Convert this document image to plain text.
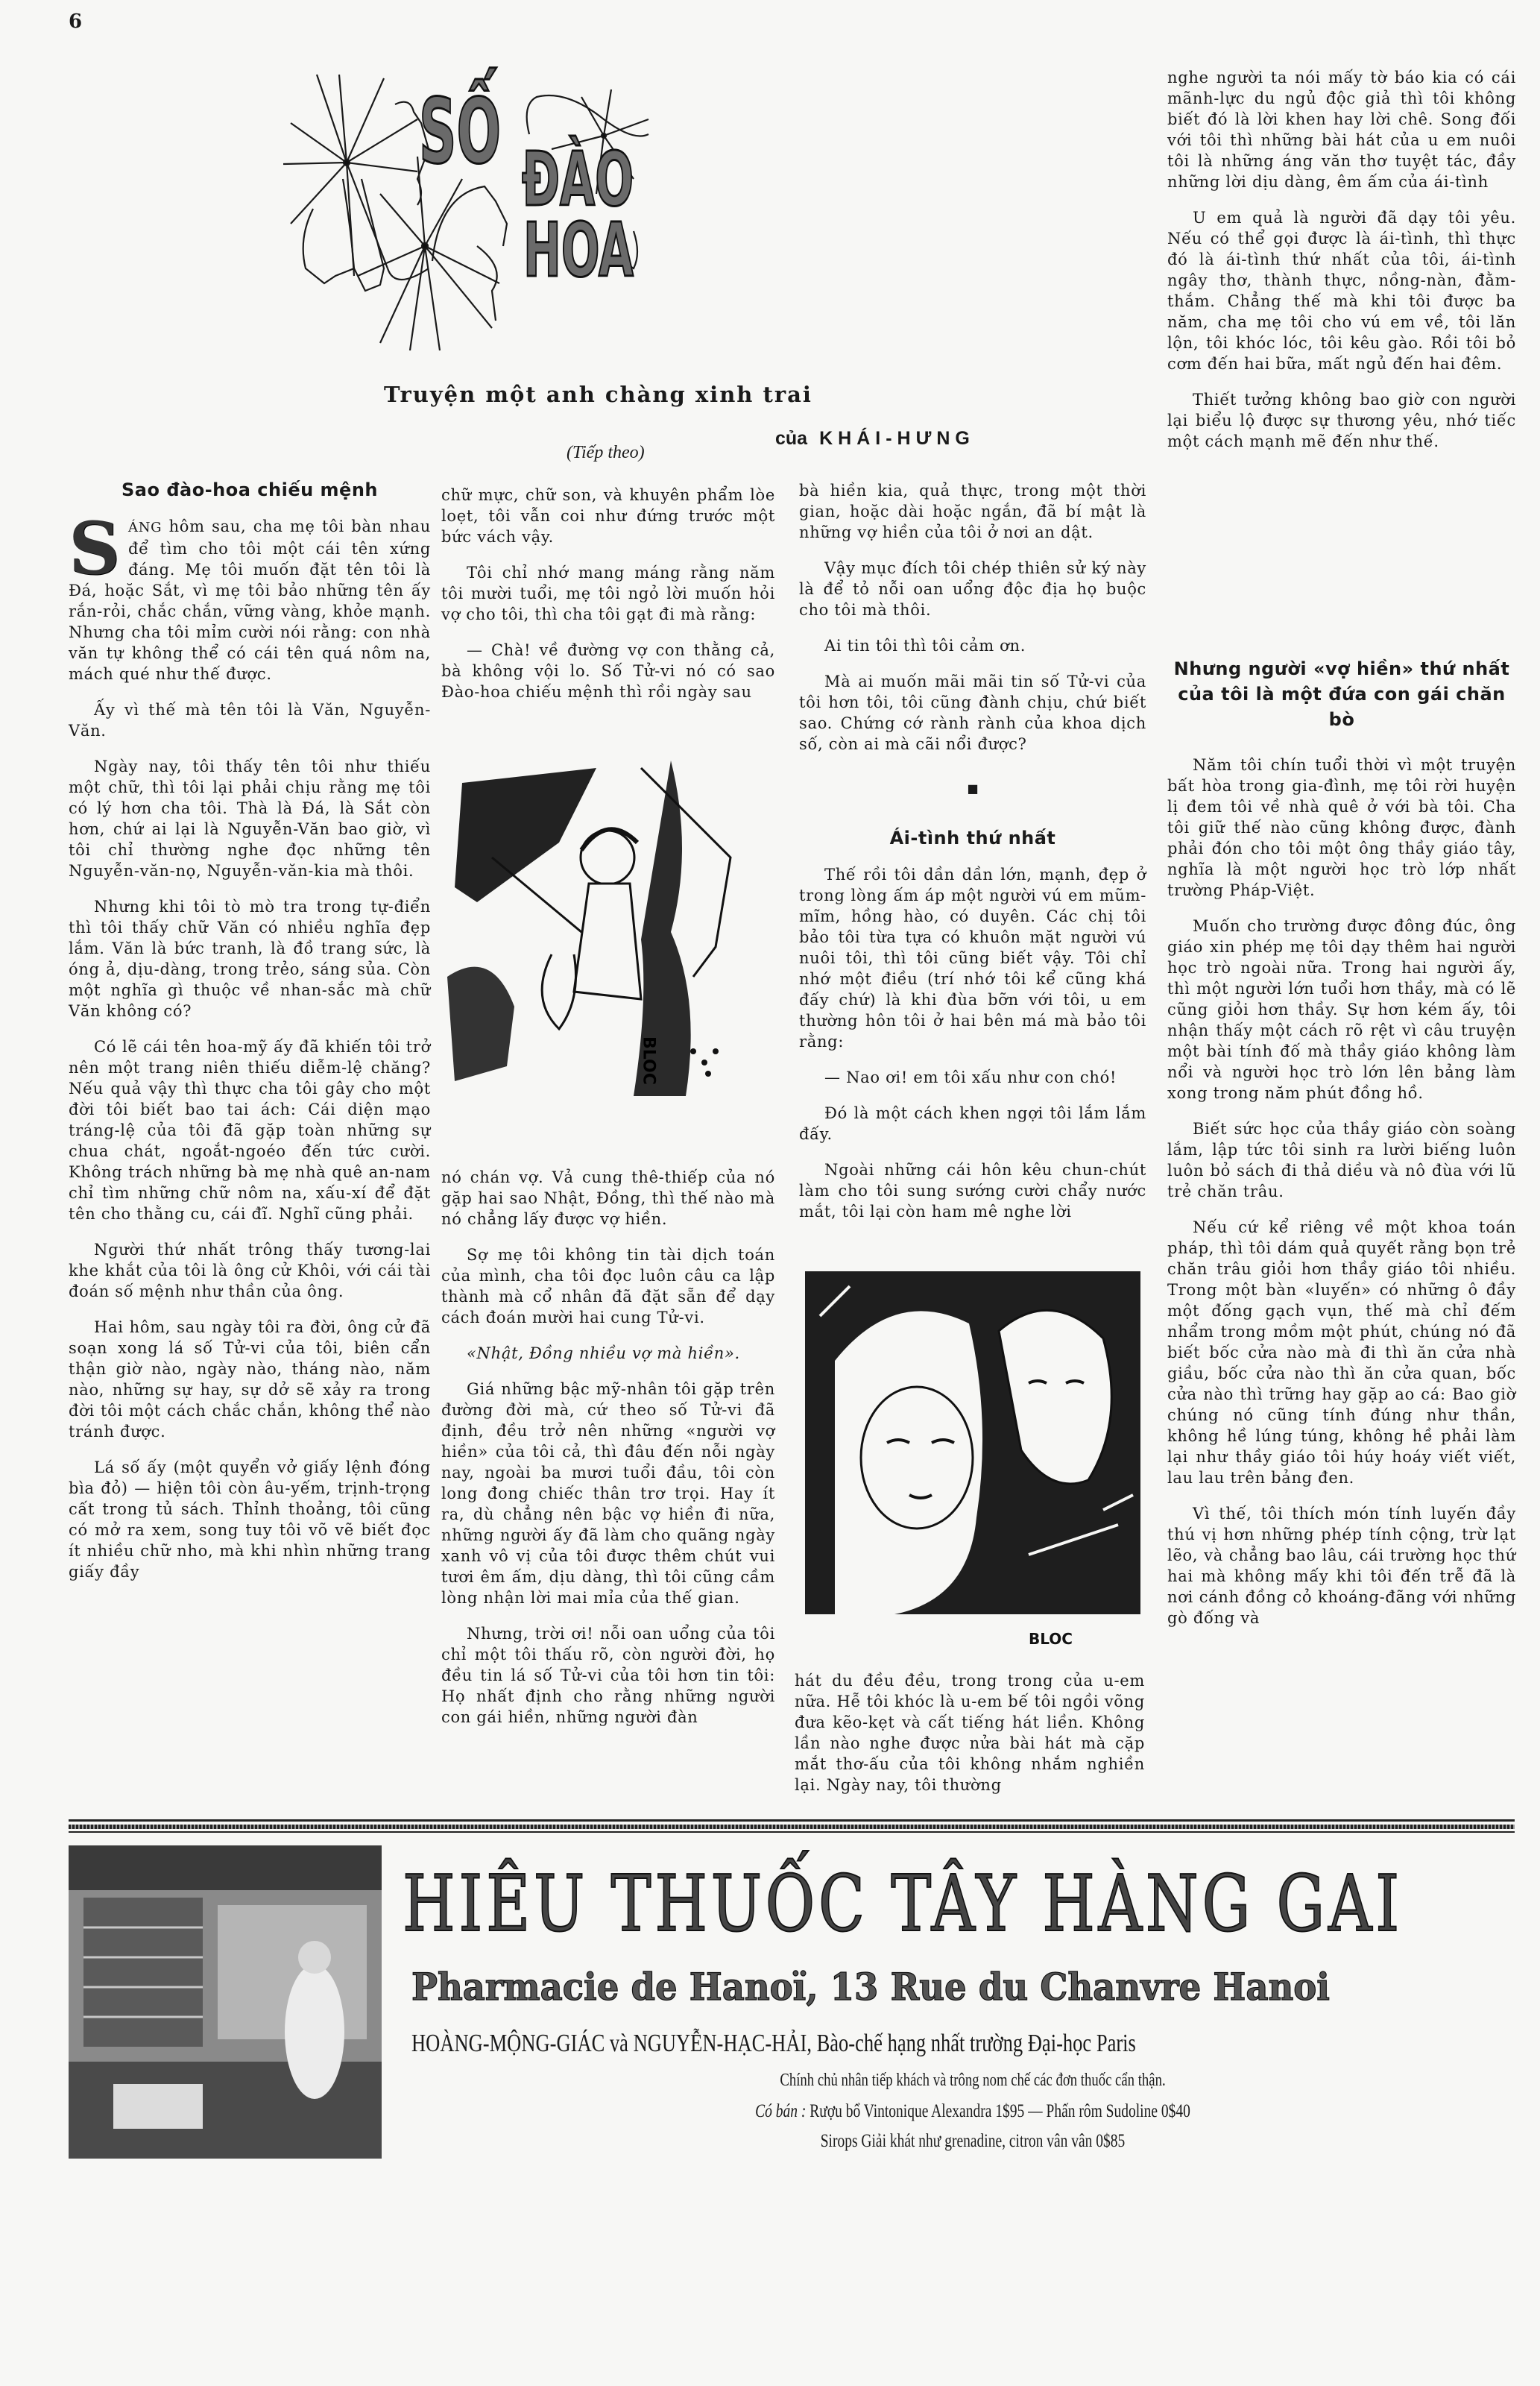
6
SỐ
ĐÀO
HOA
Truyện một anh chàng xinh trai
của KHÁI-HƯNG
(Tiếp theo)
Sao đào-hoa chiếu mệnh

SÁNG hôm sau, cha mẹ tôi bàn nhau để tìm cho tôi một cái tên xứng đáng. Mẹ tôi muốn đặt tên tôi là Đá, hoặc Sắt, vì mẹ tôi bảo những tên ấy rắn-rỏi, chắc chắn, vững vàng, khỏe mạnh. Nhưng cha tôi mỉm cười nói rằng: con nhà văn tự không thể có cái tên quá nôm na, mách qué như thế được.

Ấy vì thế mà tên tôi là Văn, Nguyễn-Văn.

Ngày nay, tôi thấy tên tôi như thiếu một chữ, thì tôi lại phải chịu rằng mẹ tôi có lý hơn cha tôi. Thà là Đá, là Sắt còn hơn, chứ ai lại là Nguyễn-Văn bao giờ, vì tôi chỉ thường nghe đọc những tên Nguyễn-văn-nọ, Nguyễn-văn-kia mà thôi.

Nhưng khi tôi tò mò tra trong tự-điển thì tôi thấy chữ Văn có nhiều nghĩa đẹp lắm. Văn là bức tranh, là đồ trang sức, là óng ả, dịu-dàng, trong trẻo, sáng sủa. Còn một nghĩa gì thuộc về nhan-sắc mà chữ Văn không có?

Có lẽ cái tên hoa-mỹ ấy đã khiến tôi trở nên một trang niên thiếu diễm-lệ chăng? Nếu quả vậy thì thực cha tôi gây cho một đời tôi biết bao tai ách: Cái diện mạo tráng-lệ của tôi đã gặp toàn những sự chua chát, ngoắt-ngoéo đến tức cười. Không trách những bà mẹ nhà quê an-nam chỉ tìm những chữ nôm na, xấu-xí để đặt tên cho thằng cu, cái đĩ. Nghĩ cũng phải.

Người thứ nhất trông thấy tương-lai khe khắt của tôi là ông cử Khôi, với cái tài đoán số mệnh như thần của ông.

Hai hôm, sau ngày tôi ra đời, ông cử đã soạn xong lá số Tử-vi của tôi, biên cẩn thận giờ nào, ngày nào, tháng nào, năm nào, những sự hay, sự dở sẽ xảy ra trong đời tôi một cách chắc chắn, không thể nào tránh được.

Lá số ấy (một quyển vở giấy lệnh đóng bìa đỏ) — hiện tôi còn âu-yếm, trịnh-trọng cất trong tủ sách. Thỉnh thoảng, tôi cũng có mở ra xem, song tuy tôi võ vẽ biết đọc ít nhiều chữ nho, mà khi nhìn những trang giấy đầy

chữ mực, chữ son, và khuyên phẩm lòe loẹt, tôi vẫn coi như đứng trước một bức vách vậy.

Tôi chỉ nhớ mang máng rằng năm tôi mười tuổi, mẹ tôi ngỏ lời muốn hỏi vợ cho tôi, thì cha tôi gạt đi mà rằng:

— Chà! về đường vợ con thằng cả, bà không vội lo. Số Tử-vi nó có sao Đào-hoa chiếu mệnh thì rồi ngày sau

BLOC

nó chán vợ. Vả cung thê-thiếp của nó gặp hai sao Nhật, Đồng, thì thế nào mà nó chẳng lấy được vợ hiền.

Sợ mẹ tôi không tin tài dịch toán của mình, cha tôi đọc luôn câu ca lập thành mà cổ nhân đã đặt sẵn để dạy cách đoán mười hai cung Tử-vi.

«Nhật, Đồng nhiều vợ mà hiền».

Giá những bậc mỹ-nhân tôi gặp trên đường đời mà, cứ theo số Tử-vi đã định, đều trở nên những «người vợ hiền» của tôi cả, thì đâu đến nỗi ngày nay, ngoài ba mươi tuổi đầu, tôi còn long đong chiếc thân trơ trọi. Hay ít ra, dù chẳng nên bậc vợ hiền đi nữa, những người ấy đã làm cho quãng ngày xanh vô vị của tôi được thêm chút vui tươi êm ấm, dịu dàng, thì tôi cũng cầm lòng nhận lời mai mỉa của thế gian.

Nhưng, trời ơi! nỗi oan uổng của tôi chỉ một tôi thấu rõ, còn người đời, họ đều tin lá số Tử-vi của tôi hơn tin tôi: Họ nhất định cho rằng những người con gái hiền, những người đàn

bà hiền kia, quả thực, trong một thời gian, hoặc dài hoặc ngắn, đã bí mật là những vợ hiền của tôi ở nơi an dật.

Vậy mục đích tôi chép thiên sử ký này là để tỏ nỗi oan uổng độc địa họ buộc cho tôi mà thôi.

Ai tin tôi thì tôi cảm ơn.

Mà ai muốn mãi mãi tin số Tử-vi của tôi hơn tôi, tôi cũng đành chịu, chứ biết sao. Chứng cớ rành rành của khoa dịch số, còn ai mà cãi nổi được?

■
Ái-tình thứ nhất

Thế rồi tôi dần dần lớn, mạnh, đẹp ở trong lòng ấm áp một người vú em mũm-mĩm, hồng hào, có duyên. Các chị tôi bảo tôi từa tựa có khuôn mặt người vú nuôi tôi, thì tôi cũng biết vậy. Tôi chỉ nhớ một điều (trí nhớ tôi kể cũng khá đấy chứ) là khi đùa bỡn với tôi, u em thường hôn tôi ở hai bên má mà bảo tôi rằng:

— Nao ơi! em tôi xấu như con chó!

Đó là một cách khen ngợi tôi lắm lắm đấy.

Ngoài những cái hôn kêu chun-chút làm cho tôi sung sướng cười chẩy nước mắt, tôi lại còn ham mê nghe lời

BLOC

hát du đều đều, trong trong của u-em nữa. Hễ tôi khóc là u-em bế tôi ngồi võng đưa kẽo-kẹt và cất tiếng hát liền. Không lần nào nghe được nửa bài hát mà cặp mắt thơ-ấu của tôi không nhắm nghiền lại. Ngày nay, tôi thường

nghe người ta nói mấy tờ báo kia có cái mãnh-lực du ngủ độc giả thì tôi không biết đó là lời khen hay lời chê. Song đối với tôi thì những bài hát của u em nuôi tôi là những áng văn thơ tuyệt tác, đầy những lời dịu dàng, êm ấm của ái-tình

U em quả là người đã dạy tôi yêu. Nếu có thể gọi được là ái-tình, thì thực đó là ái-tình thứ nhất của tôi, ái-tình ngây thơ, thành thực, nồng-nàn, đằm-thắm. Chẳng thế mà khi tôi được ba năm, cha mẹ tôi cho vú em về, tôi lăn lộn, tôi khóc lóc, tôi kêu gào. Rồi tôi bỏ cơm đến hai bữa, mất ngủ đến hai đêm.

Thiết tưởng không bao giờ con người lại biểu lộ được sự thương yêu, nhớ tiếc một cách mạnh mẽ đến như thế.

Nhưng người «vợ hiền» thứ nhất của tôi là một đứa con gái chăn bò

Năm tôi chín tuổi thời vì một truyện bất hòa trong gia-đình, mẹ tôi rời huyện lị đem tôi về nhà quê ở với bà tôi. Cha tôi giữ thế nào cũng không được, đành phải đón cho tôi một ông thầy giáo tây, nghĩa là một người học trò lớp nhất trường Pháp-Việt.

Muốn cho trường được đông đúc, ông giáo xin phép mẹ tôi dạy thêm hai người học trò ngoài nữa. Trong hai người ấy, thì một người lớn tuổi hơn thầy, mà có lẽ cũng giỏi hơn thầy. Sự hơn kém ấy, tôi nhận thấy một cách rõ rệt vì câu truyện một bài tính đố mà thầy giáo không làm nổi và người học trò lớn lên bảng làm xong trong năm phút đồng hồ.

Biết sức học của thầy giáo còn soàng lắm, lập tức tôi sinh ra lười biếng luôn luôn bỏ sách đi thả diều và nô đùa với lũ trẻ chăn trâu.

Nếu cứ kể riêng về một khoa toán pháp, thì tôi dám quả quyết rằng bọn trẻ chăn trâu giỏi hơn thầy giáo tôi nhiều. Trong một bàn «luyến» có những ô đầy một đống gạch vụn, thế mà chỉ đếm nhẩm trong mồm một phút, chúng nó đã biết bốc cửa nào mà đi thì ăn cửa nhà giầu, bốc cửa nào thì ăn cửa quan, bốc cửa nào thì trững hay gặp ao cá: Bao giờ chúng nó cũng tính đúng như thần, không hề lúng túng, không hề phải làm lại như thầy giáo tôi húy hoáy viết viết, lau lau trên bảng đen.

Vì thế, tôi thích món tính luyến đầy thú vị hơn những phép tính cộng, trừ lạt lẽo, và chẳng bao lâu, cái trường học thứ hai mà không mấy khi tôi đến trễ đã là nơi cánh đồng cỏ khoáng-đãng với những gò đống và

HIÊU THUỐC TÂY HÀNG GAI
Pharmacie de Hanoï, 13 Rue du Chanvre Hanoi
HOÀNG-MỘNG-GIÁC và NGUYỄN-HẠC-HẢI, Bào-chế hạng nhất trường Đại-học Paris
Chính chủ nhân tiếp khách và trông nom chế các đơn thuốc cẩn thận.
Có bán : Rượu bổ Vintonique Alexandra 1$95 — Phấn rôm Sudoline 0$40
Sirops Giải khát như grenadine, citron vân vân 0$85
